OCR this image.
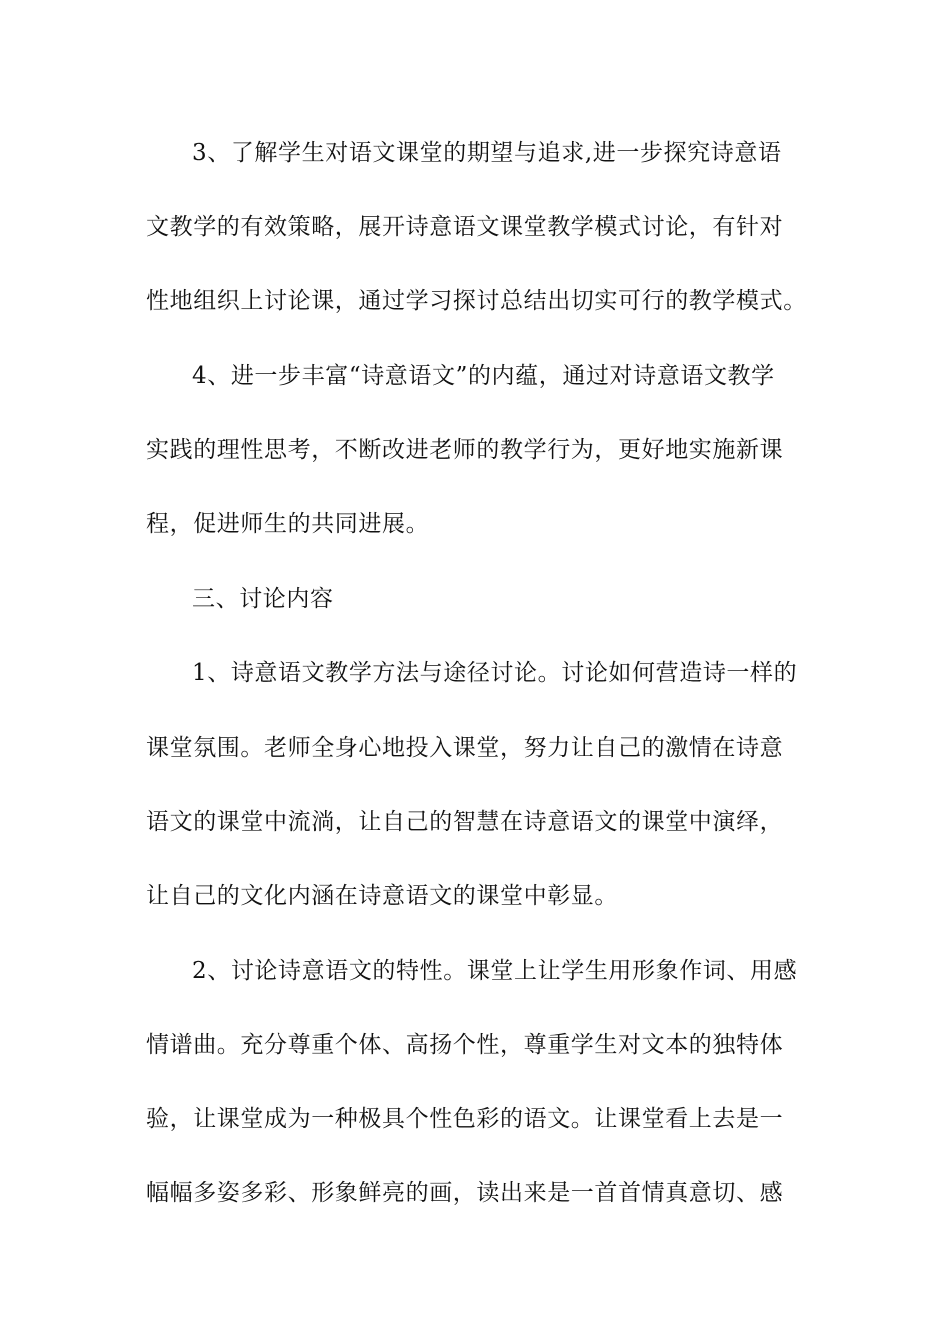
3、了解学生对语文课堂的期望与追求,进一步探究诗意语
文教学的有效策略，展开诗意语文课堂教学模式讨论，有针对
性地组织上讨论课，通过学习探讨总结出切实可行的教学模式。
4、进一步丰富“诗意语文”的内蕴，通过对诗意语文教学
实践的理性思考，不断改进老师的教学行为，更好地实施新课
程，促进师生的共同进展。
三、讨论内容
1、诗意语文教学方法与途径讨论。讨论如何营造诗一样的
课堂氛围。老师全身心地投入课堂，努力让自己的激情在诗意
语文的课堂中流淌，让自己的智慧在诗意语文的课堂中演绎，
让自己的文化内涵在诗意语文的课堂中彰显。
2、讨论诗意语文的特性。课堂上让学生用形象作词、用感
情谱曲。充分尊重个体、高扬个性，尊重学生对文本的独特体
验，让课堂成为一种极具个性色彩的语文。让课堂看上去是一
幅幅多姿多彩、形象鲜亮的画，读出来是一首首情真意切、感
